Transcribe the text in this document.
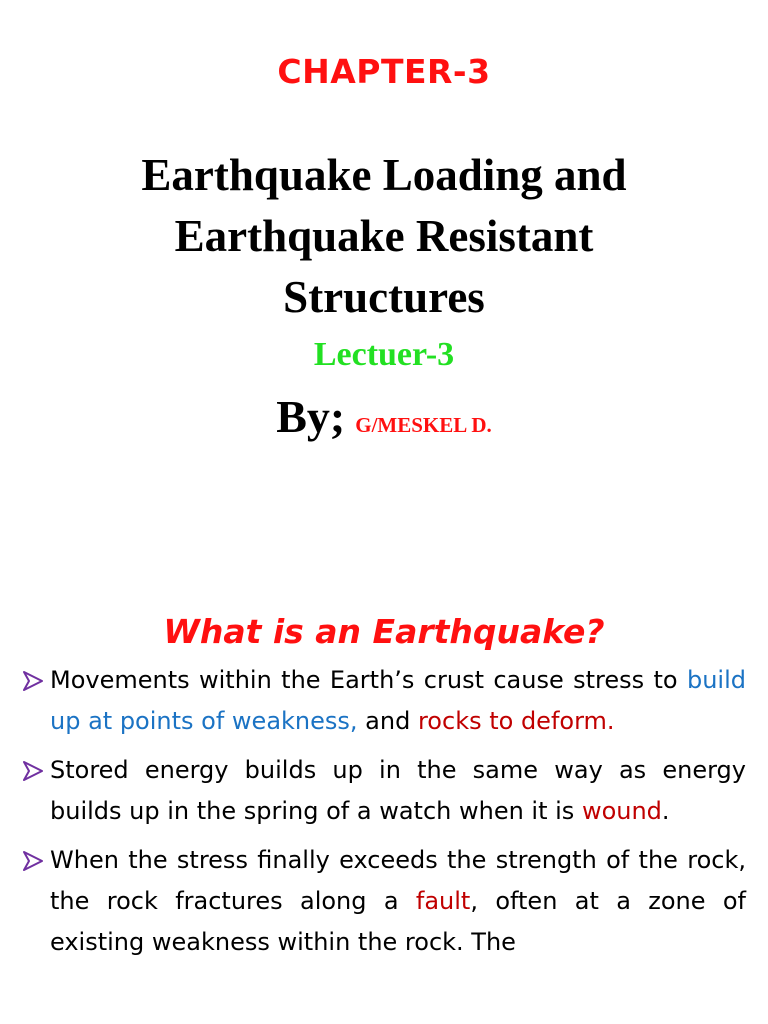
CHAPTER-3
Earthquake Loading and
Earthquake Resistant
Structures
Lectuer-3
By; G/MESKEL D.
What is an Earthquake?
Movements within the Earth’s crust cause stress to build up at points of weakness, and rocks to deform.
Stored energy builds up in the same way as energy builds up in the spring of a watch when it is wound.
When the stress finally exceeds the strength of the rock, the rock fractures along a fault, often at a zone of existing weakness within the rock. The
